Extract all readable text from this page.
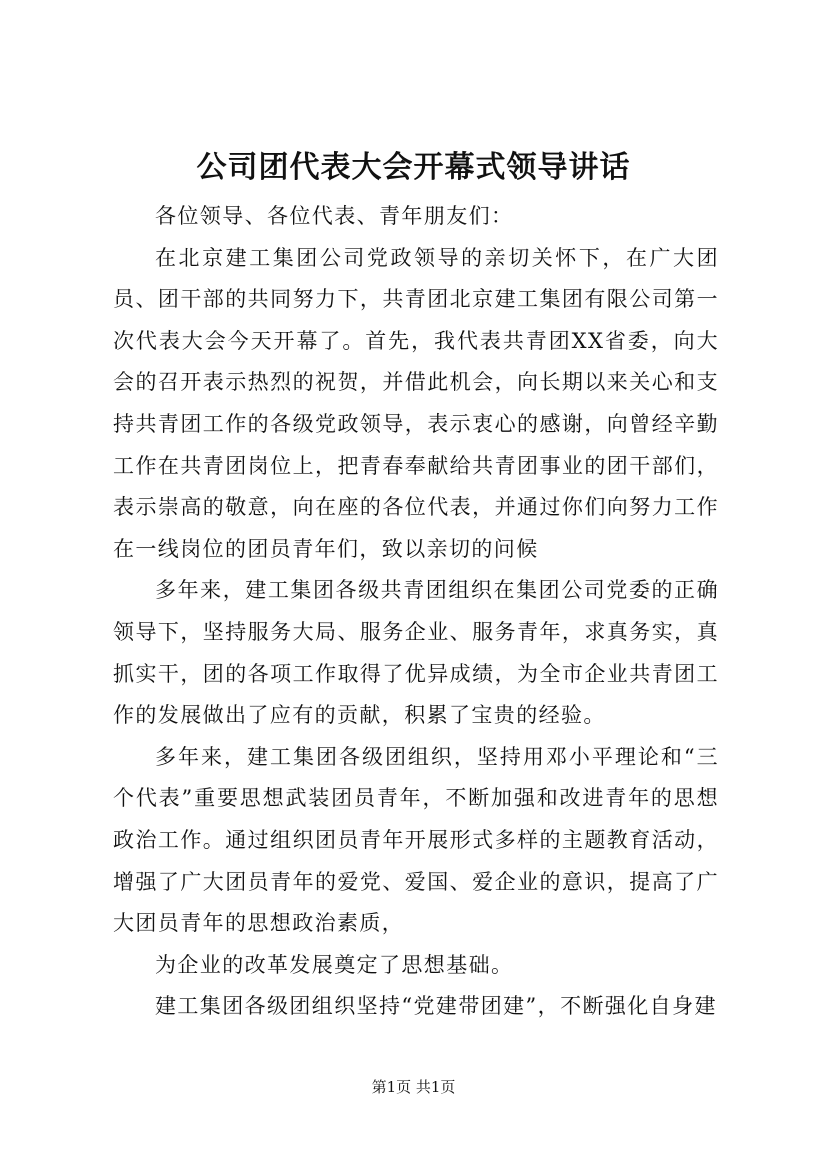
公司团代表大会开幕式领导讲话

各位领导、各位代表、青年朋友们：

在北京建工集团公司党政领导的亲切关怀下，在广大团员、团干部的共同努力下，共青团北京建工集团有限公司第一次代表大会今天开幕了。首先，我代表共青团XX省委，向大会的召开表示热烈的祝贺，并借此机会，向长期以来关心和支持共青团工作的各级党政领导，表示衷心的感谢，向曾经辛勤工作在共青团岗位上，把青春奉献给共青团事业的团干部们，表示崇高的敬意，向在座的各位代表，并通过你们向努力工作在一线岗位的团员青年们，致以亲切的问候

多年来，建工集团各级共青团组织在集团公司党委的正确领导下，坚持服务大局、服务企业、服务青年，求真务实，真抓实干，团的各项工作取得了优异成绩，为全市企业共青团工作的发展做出了应有的贡献，积累了宝贵的经验。

多年来，建工集团各级团组织，坚持用邓小平理论和“三个代表”重要思想武装团员青年，不断加强和改进青年的思想政治工作。通过组织团员青年开展形式多样的主题教育活动，增强了广大团员青年的爱党、爱国、爱企业的意识，提高了广大团员青年的思想政治素质，

为企业的改革发展奠定了思想基础。

建工集团各级团组织坚持“党建带团建”，不断强化自身建

第1页 共1页
